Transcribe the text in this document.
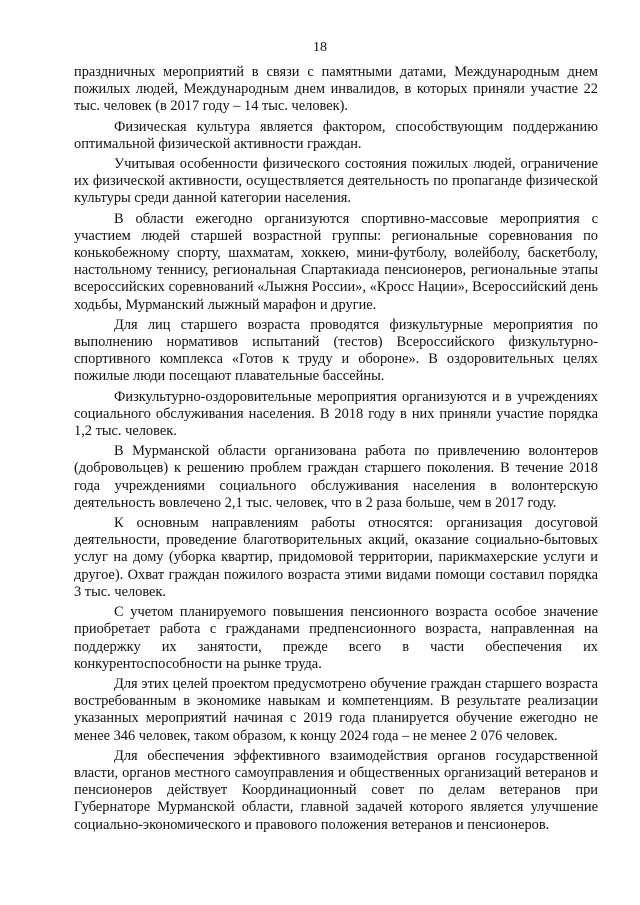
18

праздничных мероприятий в связи с памятными датами, Международным днем пожилых людей, Международным днем инвалидов, в которых приняли участие 22 тыс. человек (в 2017 году – 14 тыс. человек).

Физическая культура является фактором, способствующим поддержанию оптимальной физической активности граждан.

Учитывая особенности физического состояния пожилых людей, ограничение их физической активности, осуществляется деятельность по пропаганде физической культуры среди данной категории населения.

В области ежегодно организуются спортивно-массовые мероприятия с участием людей старшей возрастной группы: региональные соревнования по конькобежному спорту, шахматам, хоккею, мини-футболу, волейболу, баскетболу, настольному теннису, региональная Спартакиада пенсионеров, региональные этапы всероссийских соревнований «Лыжня России», «Кросс Нации», Всероссийский день ходьбы, Мурманский лыжный марафон и другие.

Для лиц старшего возраста проводятся физкультурные мероприятия по выполнению нормативов испытаний (тестов) Всероссийского физкультурно-спортивного комплекса «Готов к труду и обороне». В оздоровительных целях пожилые люди посещают плавательные бассейны.

Физкультурно-оздоровительные мероприятия организуются и в учреждениях социального обслуживания населения. В 2018 году в них приняли участие порядка 1,2 тыс. человек.

В Мурманской области организована работа по привлечению волонтеров (добровольцев) к решению проблем граждан старшего поколения. В течение 2018 года учреждениями социального обслуживания населения в волонтерскую деятельность вовлечено 2,1 тыс. человек, что в 2 раза больше, чем в 2017 году.

К основным направлениям работы относятся: организация досуговой деятельности, проведение благотворительных акций, оказание социально-бытовых услуг на дому (уборка квартир, придомовой территории, парикмахерские услуги и другое). Охват граждан пожилого возраста этими видами помощи составил порядка 3 тыс. человек.

С учетом планируемого повышения пенсионного возраста особое значение приобретает работа с гражданами предпенсионного возраста, направленная на поддержку их занятости, прежде всего в части обеспечения их конкурентоспособности на рынке труда.

Для этих целей проектом предусмотрено обучение граждан старшего возраста востребованным в экономике навыкам и компетенциям. В результате реализации указанных мероприятий начиная с 2019 года планируется обучение ежегодно не менее 346 человек, таком образом, к концу 2024 года – не менее 2 076 человек.

Для обеспечения эффективного взаимодействия органов государственной власти, органов местного самоуправления и общественных организаций ветеранов и пенсионеров действует Координационный совет по делам ветеранов при Губернаторе Мурманской области, главной задачей которого является улучшение социально-экономического и правового положения ветеранов и пенсионеров.
